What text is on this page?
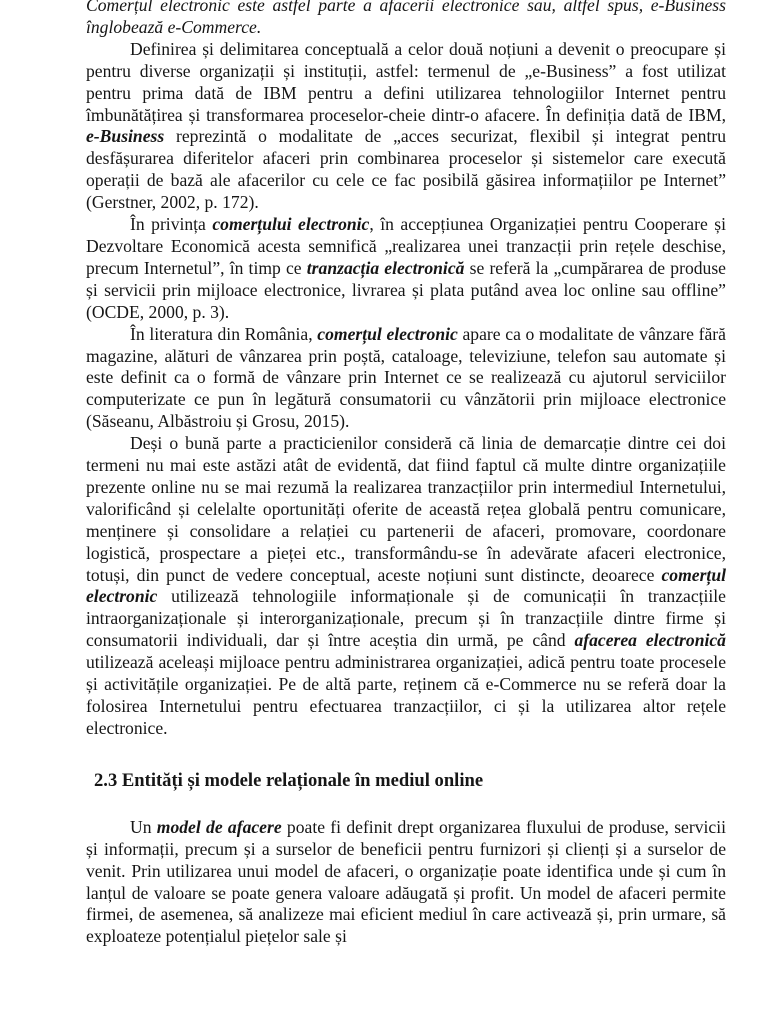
Comerțul electronic este astfel parte a afacerii electronice sau, altfel spus, e-Business înglobează e-Commerce.

Definirea și delimitarea conceptuală a celor două noțiuni a devenit o preocupare și pentru diverse organizații și instituții, astfel: termenul de „e-Business” a fost utilizat pentru prima dată de IBM pentru a defini utilizarea tehnologiilor Internet pentru îmbunătățirea și transformarea proceselor-cheie dintr-o afacere. În definiția dată de IBM, e-Business reprezintă o modalitate de „acces securizat, flexibil și integrat pentru desfășurarea diferitelor afaceri prin combinarea proceselor și sistemelor care execută operații de bază ale afacerilor cu cele ce fac posibilă găsirea informațiilor pe Internet” (Gerstner, 2002, p. 172).

În privința comerțului electronic, în accepțiunea Organizației pentru Cooperare și Dezvoltare Economică acesta semnifică „realizarea unei tranzacții prin rețele deschise, precum Internetul”, în timp ce tranzacția electronică se referă la „cumpărarea de produse și servicii prin mijloace electronice, livrarea și plata putând avea loc online sau offline” (OCDE, 2000, p. 3).

În literatura din România, comerțul electronic apare ca o modalitate de vânzare fără magazine, alături de vânzarea prin poștă, cataloage, televiziune, telefon sau automate și este definit ca o formă de vânzare prin Internet ce se realizează cu ajutorul serviciilor computerizate ce pun în legătură consumatorii cu vânzătorii prin mijloace electronice (Săseanu, Albăstroiu și Grosu, 2015).

Deși o bună parte a practicienilor consideră că linia de demarcație dintre cei doi termeni nu mai este astăzi atât de evidentă, dat fiind faptul că multe dintre organizațiile prezente online nu se mai rezumă la realizarea tranzacțiilor prin intermediul Internetului, valorificând și celelalte oportunități oferite de această rețea globală pentru comunicare, menținere și consolidare a relației cu partenerii de afaceri, promovare, coordonare logistică, prospectare a pieței etc., transformându-se în adevărate afaceri electronice, totuși, din punct de vedere conceptual, aceste noțiuni sunt distincte, deoarece comerțul electronic utilizează tehnologiile informaționale și de comunicații în tranzacțiile intraorganizaționale și interorganizaționale, precum și în tranzacțiile dintre firme și consumatorii individuali, dar și între aceștia din urmă, pe când afacerea electronică utilizează aceleași mijloace pentru administrarea organizației, adică pentru toate procesele și activitățile organizației. Pe de altă parte, reținem că e-Commerce nu se referă doar la folosirea Internetului pentru efectuarea tranzacțiilor, ci și la utilizarea altor rețele electronice.

2.3 Entități și modele relaționale în mediul online

Un model de afacere poate fi definit drept organizarea fluxului de produse, servicii și informații, precum și a surselor de beneficii pentru furnizori și clienți și a surselor de venit. Prin utilizarea unui model de afaceri, o organizație poate identifica unde și cum în lanțul de valoare se poate genera valoare adăugată și profit. Un model de afaceri permite firmei, de asemenea, să analizeze mai eficient mediul în care activează și, prin urmare, să exploateze potențialul piețelor sale și
